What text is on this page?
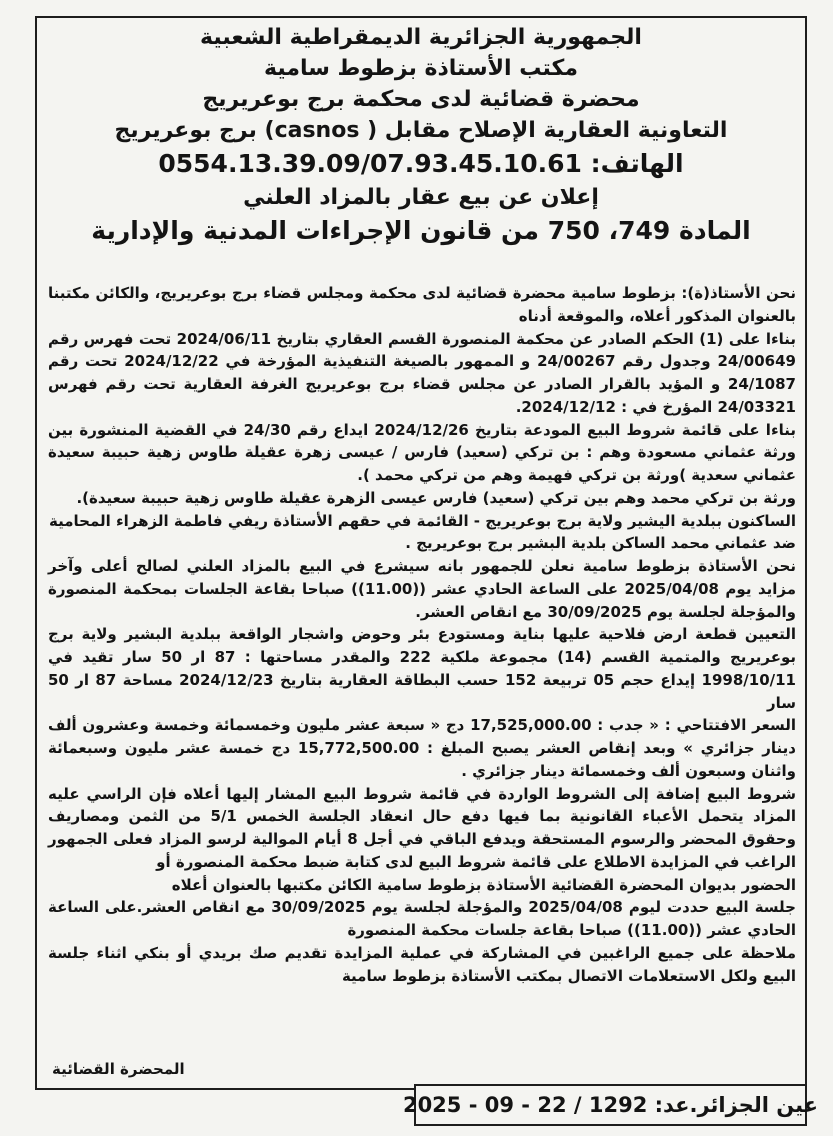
الجمهورية الجزائرية الديمقراطية الشعبية

مكتب الأستاذة بزطوط سامية

محضرة قضائية لدى محكمة برج بوعريريج

التعاونية العقارية الإصلاح مقابل ( casnos) برج بوعريريج

الهاتف: 0554.13.39.09/07.93.45.10.61

إعلان عن بيع عقار بالمزاد العلني

المادة 749، 750 من قانون الإجراءات المدنية والإدارية

نحن الأستاذ(ة): بزطوط سامية محضرة قضائية لدى محكمة ومجلس قضاء برج بوعريريج، والكائن مكتبنا بالعنوان المذكور أعلاه، والموقعة أدناه

بناءا على (1) الحكم الصادر عن محكمة المنصورة القسم العقاري بتاريخ 2024/06/11 تحت فهرس رقم 24/00649 وجدول رقم 24/00267 و الممهور بالصيغة التنفيذية المؤرخة في 2024/12/22 تحت رقم 24/1087 و المؤيد بالقرار الصادر عن مجلس قضاء برج بوعريريج الغرفة العقارية تحت رقم فهرس 24/03321 المؤرخ في : 2024/12/12.

بناءا على قائمة شروط البيع المودعة بتاريخ 2024/12/26 ايداع رقم 24/30 في القضية المنشورة بين ورثة عثماني مسعودة وهم : بن تركي (سعيد) فارس / عيسى زهرة عقيلة طاوس زهية حبيبة سعيدة عثماني سعدية )ورثة بن تركي فهيمة وهم من تركي محمد ).

ورثة بن تركي محمد وهم بين تركي (سعيد) فارس عيسى الزهرة عقيلة طاوس زهية حبيبة سعيدة).

الساكنون ببلدية اليشير ولاية برج بوعريريج - القائمة في حقهم الأستاذة ريفي فاطمة الزهراء المحامية

ضد عثماني محمد الساكن بلدية البشير برج بوعريريج .

نحن الأستاذة بزطوط سامية نعلن للجمهور بانه سيشرع في البيع بالمزاد العلني لصالح أعلى وآخر مزايد يوم 2025/04/08 على الساعة الحادي عشر ((11.00)) صباحا بقاعة الجلسات بمحكمة المنصورة والمؤجلة لجلسة يوم 30/09/2025 مع انقاص العشر.

التعيين قطعة ارض فلاحية عليها بناية ومستودع بئر وحوض واشجار الواقعة ببلدية البشير ولاية برج بوعريريج والمتمية القسم (14) مجموعة ملكية 222 والمقدر مساحتها : 87 ار 50 سار تقيد في 1998/10/11 إيداع حجم 05 تربيعة 152 حسب البطاقة العقارية بتاريخ 2024/12/23 مساحة 87 ار 50 سار

السعر الافتتاحي : « جدب : 17,525,000.00 دج « سبعة عشر مليون وخمسمائة وخمسة وعشرون ألف دينار جزائري » وبعد إنقاص العشر يصبح المبلغ : 15,772,500.00 دج خمسة عشر مليون وسبعمائة واثنان وسبعون ألف وخمسمائة دينار جزائري .

شروط البيع إضافة إلى الشروط الواردة في قائمة شروط البيع المشار إليها أعلاه فإن الراسي عليه المزاد يتحمل الأعباء القانونية بما فيها دفع حال انعقاد الجلسة الخمس 5/1 من الثمن ومصاريف وحقوق المحضر والرسوم المستحقة ويدفع الباقي في أجل 8 أيام الموالية لرسو المزاد فعلى الجمهور الراغب في المزايدة الاطلاع على قائمة شروط البيع لدى كتابة ضبط محكمة المنصورة أو

الحضور بديوان المحضرة القضائية الأستاذة بزطوط سامية الكائن مكتبها بالعنوان أعلاه

جلسة البيع حددت ليوم 2025/04/08 والمؤجلة لجلسة يوم 30/09/2025 مع انقاص العشر.على الساعة الحادي عشر ((11.00)) صباحا بقاعة جلسات محكمة المنصورة

ملاحظة على جميع الراغبين في المشاركة في عملية المزايدة تقديم صك بريدي أو بنكي اثناء جلسة البيع ولكل الاستعلامات الاتصال بمكتب الأستاذة بزطوط سامية

المحضرة القضائية
عين الجزائر.عد: 1292 / 22 - 09 - 2025
